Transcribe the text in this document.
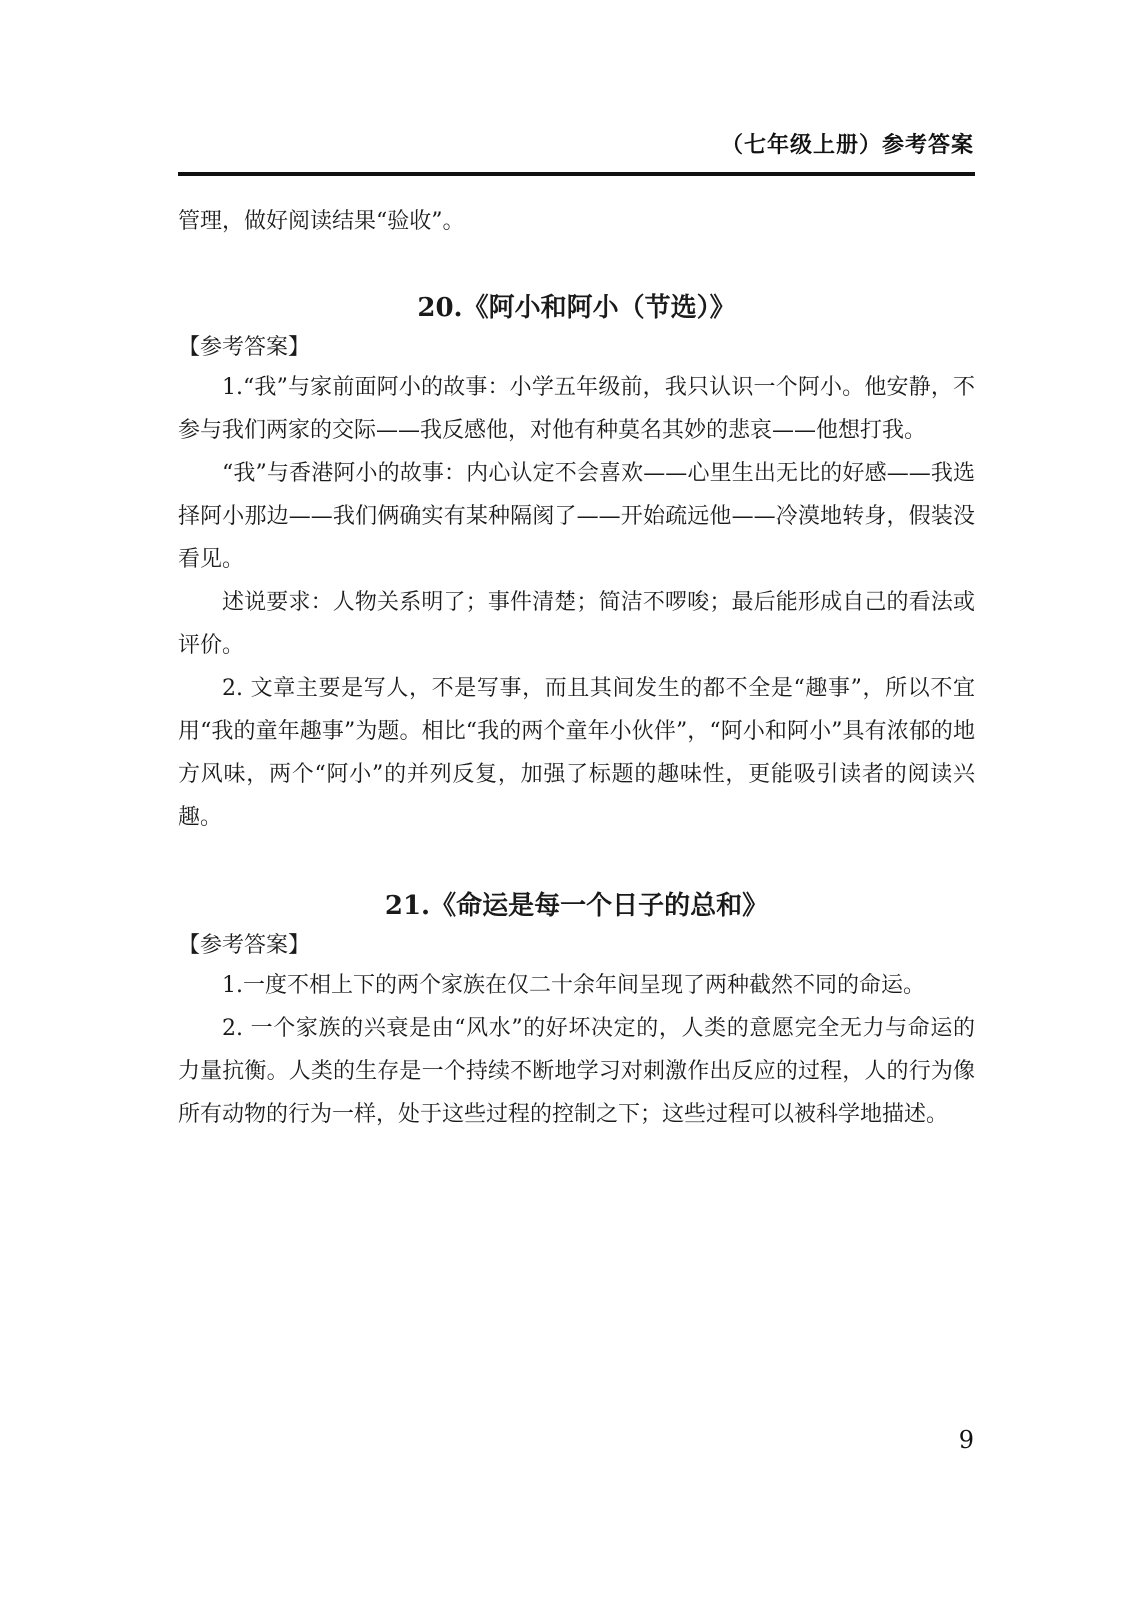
（七年级上册）参考答案

管理，做好阅读结果“验收”。

20.《阿小和阿小（节选）》
【参考答案】

1.“我”与家前面阿小的故事：小学五年级前，我只认识一个阿小。他安静，不参与我们两家的交际——我反感他，对他有种莫名其妙的悲哀——他想打我。

“我”与香港阿小的故事：内心认定不会喜欢——心里生出无比的好感——我选择阿小那边——我们俩确实有某种隔阂了——开始疏远他——冷漠地转身，假装没看见。

述说要求：人物关系明了；事件清楚；简洁不啰唆；最后能形成自己的看法或评价。

2. 文章主要是写人，不是写事，而且其间发生的都不全是“趣事”，所以不宜用“我的童年趣事”为题。相比“我的两个童年小伙伴”，“阿小和阿小”具有浓郁的地方风味，两个“阿小”的并列反复，加强了标题的趣味性，更能吸引读者的阅读兴趣。

21.《命运是每一个日子的总和》
【参考答案】

1.一度不相上下的两个家族在仅二十余年间呈现了两种截然不同的命运。

2. 一个家族的兴衰是由“风水”的好坏决定的，人类的意愿完全无力与命运的力量抗衡。人类的生存是一个持续不断地学习对刺激作出反应的过程，人的行为像所有动物的行为一样，处于这些过程的控制之下；这些过程可以被科学地描述。

9
